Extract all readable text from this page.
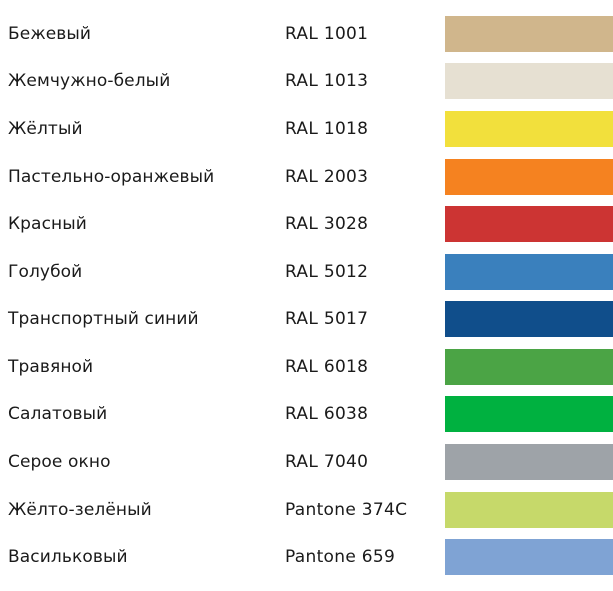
Бежевый	RAL 1001
Жемчужно-белый	RAL 1013
Жёлтый	RAL 1018
Пастельно-оранжевый	RAL 2003
Красный	RAL 3028
Голубой	RAL 5012
Транспортный синий	RAL 5017
Травяной	RAL 6018
Салатовый	RAL 6038
Серое окно	RAL 7040
Жёлто-зелёный	Pantone 374C
Васильковый	Pantone 659
